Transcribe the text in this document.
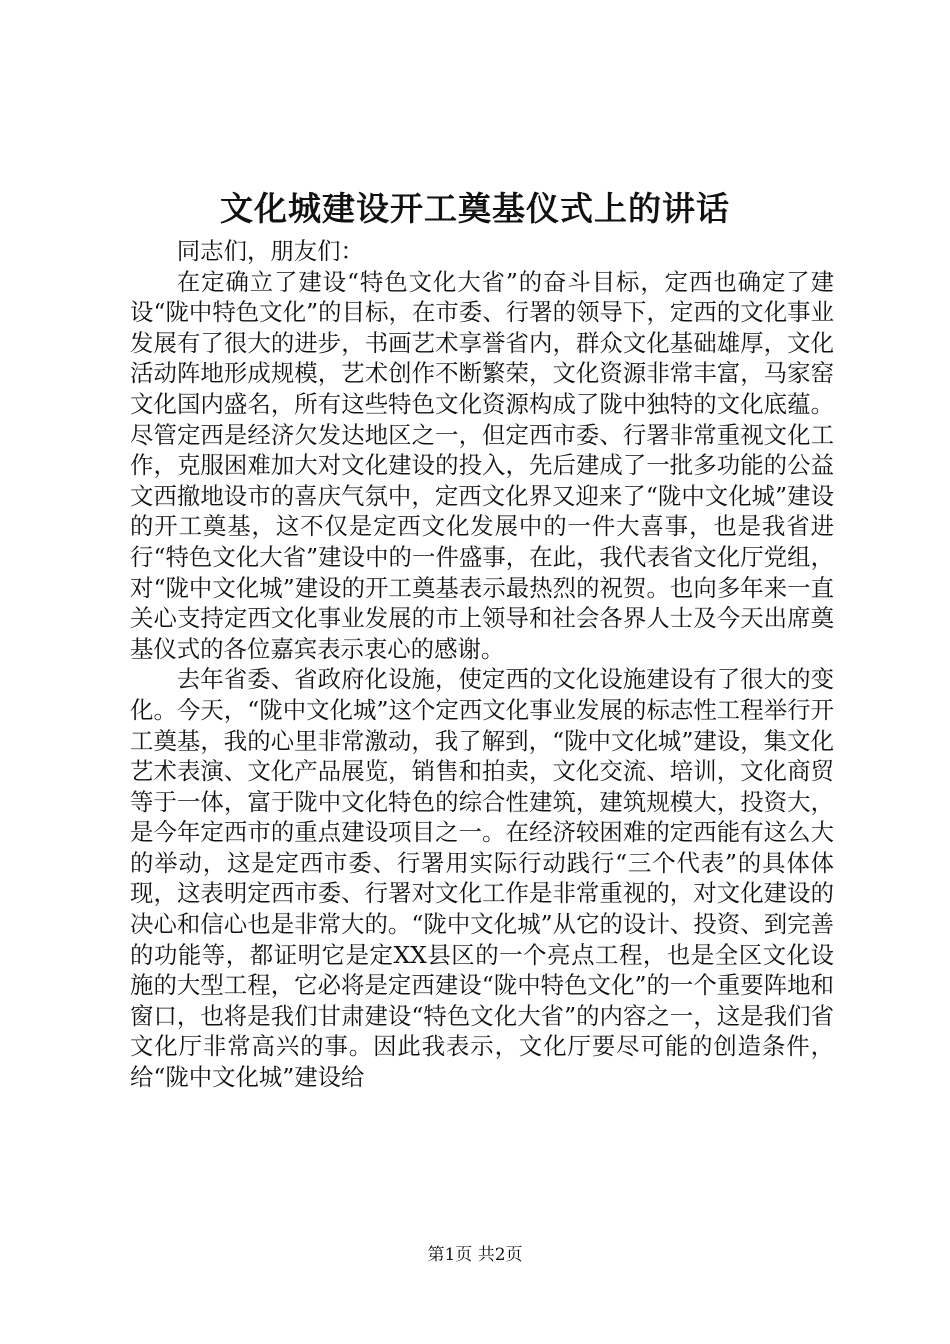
文化城建设开工奠基仪式上的讲话

同志们，朋友们：

在定确立了建设“特色文化大省”的奋斗目标，定西也确定了建设“陇中特色文化”的目标，在市委、行署的领导下，定西的文化事业发展有了很大的进步，书画艺术享誉省内，群众文化基础雄厚，文化活动阵地形成规模，艺术创作不断繁荣，文化资源非常丰富，马家窑文化国内盛名，所有这些特色文化资源构成了陇中独特的文化底蕴。尽管定西是经济欠发达地区之一，但定西市委、行署非常重视文化工作，克服困难加大对文化建设的投入，先后建成了一批多功能的公益文西撤地设市的喜庆气氛中，定西文化界又迎来了“陇中文化城”建设的开工奠基，这不仅是定西文化发展中的一件大喜事，也是我省进行“特色文化大省”建设中的一件盛事，在此，我代表省文化厅党组，对“陇中文化城”建设的开工奠基表示最热烈的祝贺。也向多年来一直关心支持定西文化事业发展的市上领导和社会各界人士及今天出席奠基仪式的各位嘉宾表示衷心的感谢。

去年省委、省政府化设施，使定西的文化设施建设有了很大的变化。今天，“陇中文化城”这个定西文化事业发展的标志性工程举行开工奠基，我的心里非常激动，我了解到，“陇中文化城”建设，集文化艺术表演、文化产品展览，销售和拍卖，文化交流、培训，文化商贸等于一体，富于陇中文化特色的综合性建筑，建筑规模大，投资大，是今年定西市的重点建设项目之一。在经济较困难的定西能有这么大的举动，这是定西市委、行署用实际行动践行“三个代表”的具体体现，这表明定西市委、行署对文化工作是非常重视的，对文化建设的决心和信心也是非常大的。“陇中文化城”从它的设计、投资、到完善的功能等，都证明它是定XX县区的一个亮点工程，也是全区文化设施的大型工程，它必将是定西建设“陇中特色文化”的一个重要阵地和窗口，也将是我们甘肃建设“特色文化大省”的内容之一，这是我们省文化厅非常高兴的事。因此我表示，文化厅要尽可能的创造条件，给“陇中文化城”建设给

第1页 共2页
